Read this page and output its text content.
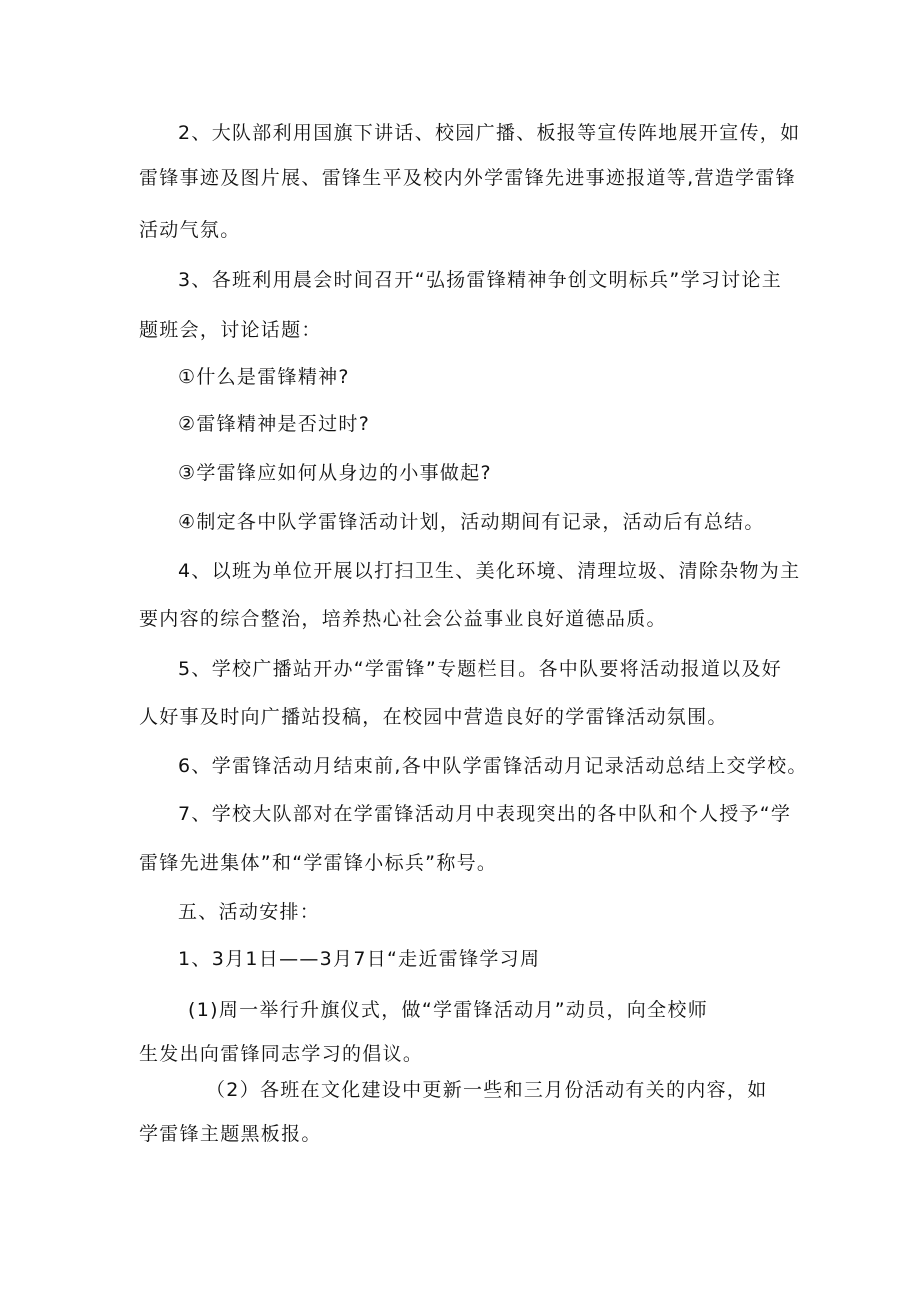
2、大队部利用国旗下讲话、校园广播、板报等宣传阵地展开宣传，如
雷锋事迹及图片展、雷锋生平及校内外学雷锋先进事迹报道等,营造学雷锋
活动气氛。
3、各班利用晨会时间召开“弘扬雷锋精神争创文明标兵”学习讨论主
题班会，讨论话题：
①什么是雷锋精神?
②雷锋精神是否过时?
③学雷锋应如何从身边的小事做起?
④制定各中队学雷锋活动计划，活动期间有记录，活动后有总结。
4、以班为单位开展以打扫卫生、美化环境、清理垃圾、清除杂物为主
要内容的综合整治，培养热心社会公益事业良好道德品质。
5、学校广播站开办“学雷锋”专题栏目。各中队要将活动报道以及好
人好事及时向广播站投稿，在校园中营造良好的学雷锋活动氛围。
6、学雷锋活动月结束前,各中队学雷锋活动月记录活动总结上交学校。
7、学校大队部对在学雷锋活动月中表现突出的各中队和个人授予“学
雷锋先进集体”和“学雷锋小标兵”称号。
五、活动安排：
1、3月1日——3月7日“走近雷锋学习周
(1)周一举行升旗仪式，做“学雷锋活动月”动员，向全校师
生发出向雷锋同志学习的倡议。
（2）各班在文化建设中更新一些和三月份活动有关的内容，如
学雷锋主题黑板报。
